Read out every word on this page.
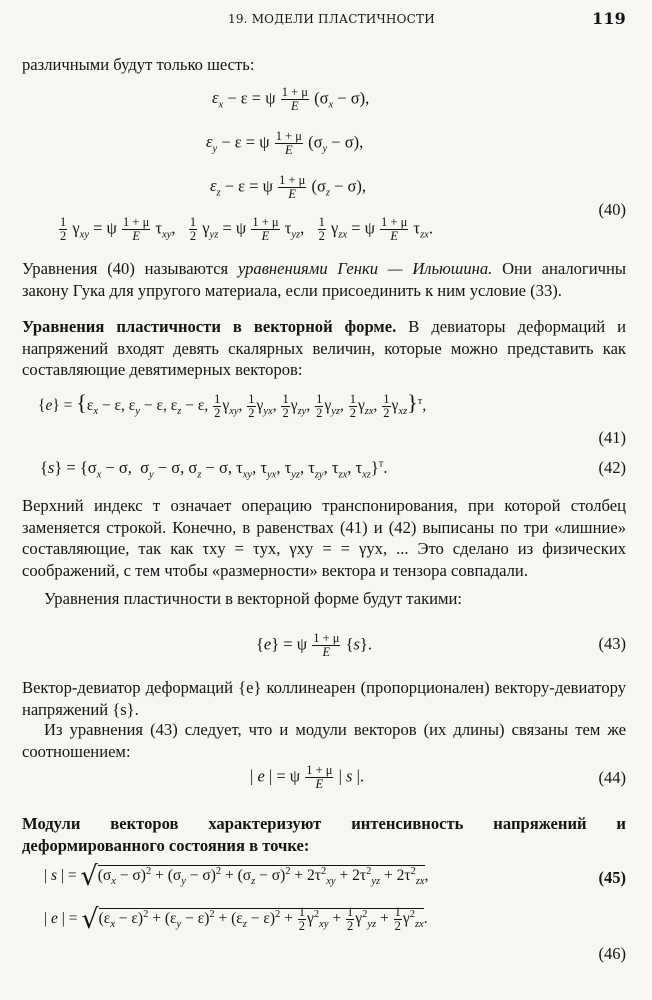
19. МОДЕЛИ ПЛАСТИЧНОСТИ	119
различными будут только шесть:
$\varepsilon_x - \varepsilon = \psi \frac{1 + \mu}{E} (\sigma_x - \sigma)$,
$\varepsilon_y - \varepsilon = \psi \frac{1 + \mu}{E} (\sigma_y - \sigma)$,
$\varepsilon_z - \varepsilon = \psi \frac{1 + \mu}{E} (\sigma_z - \sigma)$,
$\frac{1}{2} \gamma_{xy} = \psi \frac{1 + \mu}{E} \tau_{xy}$, $\frac{1}{2} \gamma_{yz} = \psi \frac{1 + \mu}{E} \tau_{yz}$, $\frac{1}{2} \gamma_{zx} = \psi \frac{1 + \mu}{E} \tau_{zx}$.
(40)
Уравнения (40) называются уравнениями Генки — Ильюшина. Они аналогичны закону Гука для упругого материала, если присоединить к ним условие (33).
Уравнения пластичности в векторной форме. В девиаторы деформаций и напряжений входят девять скалярных величин, которые можно представить как составляющие девятимерных векторов:
$\{e\} = \{\varepsilon_x - \varepsilon$, $\varepsilon_y - \varepsilon$, $\varepsilon_z - \varepsilon$, $\frac{1}{2} \gamma_{xy}$, $\frac{1}{2} \gamma_{yx}$, $\frac{1}{2} \gamma_{zy}$, $\frac{1}{2} \gamma_{yz}$, $\frac{1}{2} \gamma_{zx}$, $\frac{1}{2} \gamma_{xz}\}^т$,
(41)
$\{s\} = \{\sigma_x - \sigma$,  $\sigma_y - \sigma$, $\sigma_z - \sigma$, $\tau_{xy}$, $\tau_{yx}$, $\tau_{yz}$, $\tau_{zy}$, $\tau_{zx}$, $\tau_{xz}\}^т$.	(42)
Верхний индекс т означает операцию транспонирования, при которой столбец заменяется строкой. Конечно, в равенствах (41) и (42) выписаны по три «лишние» составляющие, так как τxy = τyx, γxy = = γyx, ... Это сделано из физических соображений, с тем чтобы «размерности» вектора и тензора совпадали.
Уравнения пластичности в векторной форме будут такими:
{e} = ψ $\frac{1 + \mu}{E} \{s\}$.	(43)
Вектор-девиатор деформаций {e} коллинеарен (пропорционален) вектору-девиатору напряжений {s}.
Из уравнения (43) следует, что и модули векторов (их длины) связаны тем же соотношением:
| e | = ψ $\frac{1 + \mu}{E}$ | s |.	(44)
Модули векторов характеризуют интенсивность напряжений и деформированного состояния в точке:
| s | = $√(\sigma_x - \sigma)^2 + (\sigma_y - \sigma)^2 + (\sigma_z - \sigma)^2 + 2\tau^2_{xy} + 2\tau^2_{yz} + 2\tau^2_{zx}$,	(45)
| e | = $√(\varepsilon_x - \varepsilon)^2 + (\varepsilon_y - \varepsilon)^2 + (\varepsilon_z - \varepsilon)^2 + \frac{1}{2} \gamma^2_{xy} + \frac{1}{2} \gamma^2_{yz} + \frac{1}{2} \gamma^2_{zx}$.
(46)
